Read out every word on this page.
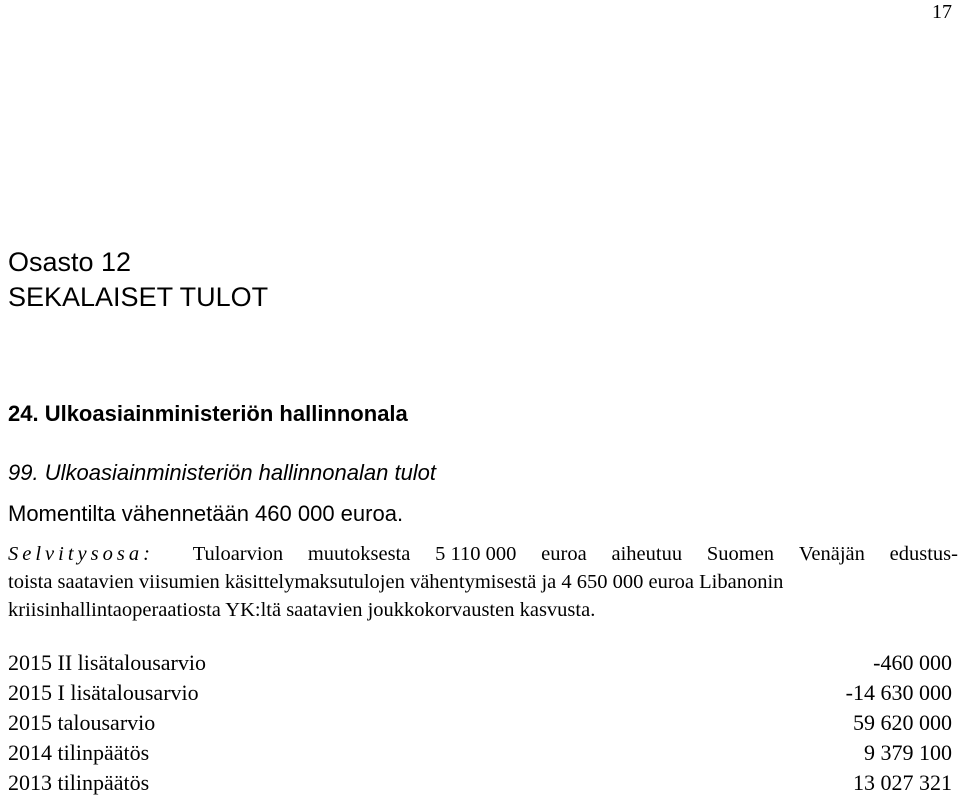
17
Osasto 12
SEKALAISET TULOT
24. Ulkoasiainministeriön hallinnonala
99. Ulkoasiainministeriön hallinnonalan tulot
Momentilta vähennetään 460 000 euroa.
Selvitysosa: Tuloarvion muutoksesta 5 110 000 euroa aiheutuu Suomen Venäjän edustus-
toista saatavien viisumien käsittelymaksutulojen vähentymisestä ja 4 650 000 euroa Libanonin
kriisinhallintaoperaatiosta YK:ltä saatavien joukkokorvausten kasvusta.
2015 II lisätalousarvio	-460 000
2015 I lisätalousarvio	-14 630 000
2015 talousarvio	59 620 000
2014 tilinpäätös	9 379 100
2013 tilinpäätös	13 027 321
